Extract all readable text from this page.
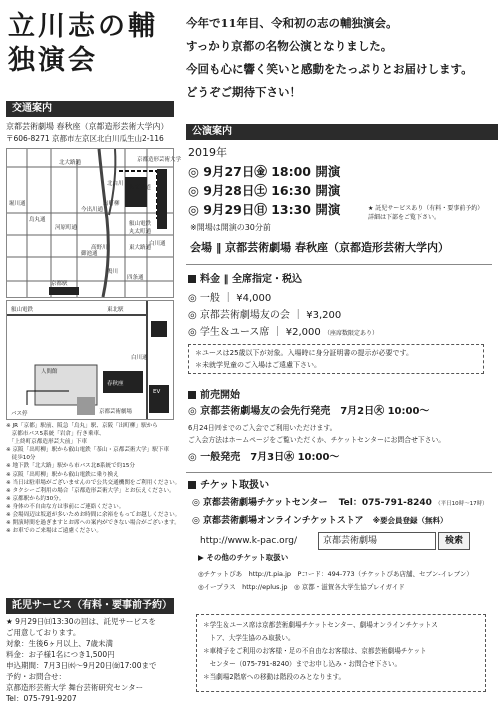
立川志の輔
独演会
今年で11年目、令和初の志の輔独演会。
すっかり京都の名物公演となりました。
今回も心に響く笑いと感動をたっぷりとお届けします。
どうぞご期待下さい！
交通案内
京都芸術劇場 春秋座（京都造形芸術大学内）
〒606-8271 京都市左京区北白川瓜生山2-116
北大路通	京都造形芸術大学
叡山電鉄
高野川	東大路通
今出川通
丸太町通
御池通
鴨川
河原町通
烏丸通
堀川通
四条通
京都駅
出町柳
銀閣寺道
白川通
北白川
叡山電鉄	東北駅
EV
春秋座
人間館
白川通
バス停	京都芸術劇場
※ JR「京都」駅前、阪急「烏丸」駅、京阪「出町柳」駅から
　京都市バス5系統「岩倉」行き乗車、
　「上終町京都造形芸大前」下車
※ 京阪「出町柳」駅から叡山電鉄「茶山・京都芸術大学」駅下車
　徒歩10分
※ 地下鉄「北大路」駅から市バス北8系統で約15分
※ 京阪「出町柳」駅から叡山電鉄に乗り換え
※ 当日は駐車場がございませんので公共交通機関をご利用ください。
※ タクシーご利用の場合「京都造形芸術大学」とお伝えください。
※ 京都駅から約30分。
※ 身体の不自由な方は事前にご連絡ください。
※ 会場周辺は坂道が多いためお時間に余裕をもってお越しください。
※ 開演時間を過ぎますとお席への案内ができない場合がございます。
※ お車でのご来場はご遠慮ください。
託児サービス（有料・要事前予約）
★ 9月29日㈰13:30の回は、託児サービスを
ご用意しております。
対象：生後6ヶ月以上、7歳未満
料金：お子様1名につき1,500円
申込期間：7月3日㈬～9月20日㈮17:00まで
予約・お問合せ：
京都造形芸術大学 舞台芸術研究センター
Tel：075-791-9207
公演案内
2019年
◎ 9月27日㊎ 18:00 開演
◎ 9月28日㊏ 16:30 開演
◎ 9月29日㊐ 13:30 開演	★ 託児サービスあり（有料・要事前予約）
詳細は下部をご覧下さい。
※開場は開演の30分前
会場 ‖ 京都芸術劇場 春秋座（京都造形芸術大学内）
料金 ‖ 全席指定・税込
◎ 一般 ｜ ¥4,000
◎ 京都芸術劇場友の会 ｜ ¥3,200
◎ 学生＆ユース席 ｜ ¥2,000 （座席数限定あり）
＊ユースは25歳以下が対象。入場時に身分証明書の提示が必要です。
＊未就学児童のご入場はご遠慮下さい。
前売開始
◎ 京都芸術劇場友の会先行発売　7月2日㊋ 10:00～
6月24日㈪までのご入会でご利用いただけます。
ご入会方法はホームページをご覧いただくか、チケットセンターにお問合せ下さい。
◎ 一般発売　7月3日㊌ 10:00～
チケット取扱い
◎ 京都芸術劇場チケットセンター Tel：075-791-8240 （平日10時～17時）
◎ 京都芸術劇場オンラインチケットストア ※要会員登録（無料）
http://www.k-pac.org/	京都芸術劇場	検索
▶ その他のチケット取扱い
◎チケットぴあ　http://t.pia.jp　Pコード：494-773（チケットぴあ店舗、セブン-イレブン）
◎イープラス　http://eplus.jp　 ◎ 京都・滋賀各大学生協プレイガイド
＊学生＆ユース席は京都芸術劇場チケットセンター、劇場オンラインチケットス
　トア、大学生協のみ取扱い。
＊車椅子をご利用のお客様・足の不自由なお客様は、京都芸術劇場チケット
　センター（075-791-8240）までお申し込み・お問合せ下さい。
＊当劇場2階席への移動は階段のみとなります。
